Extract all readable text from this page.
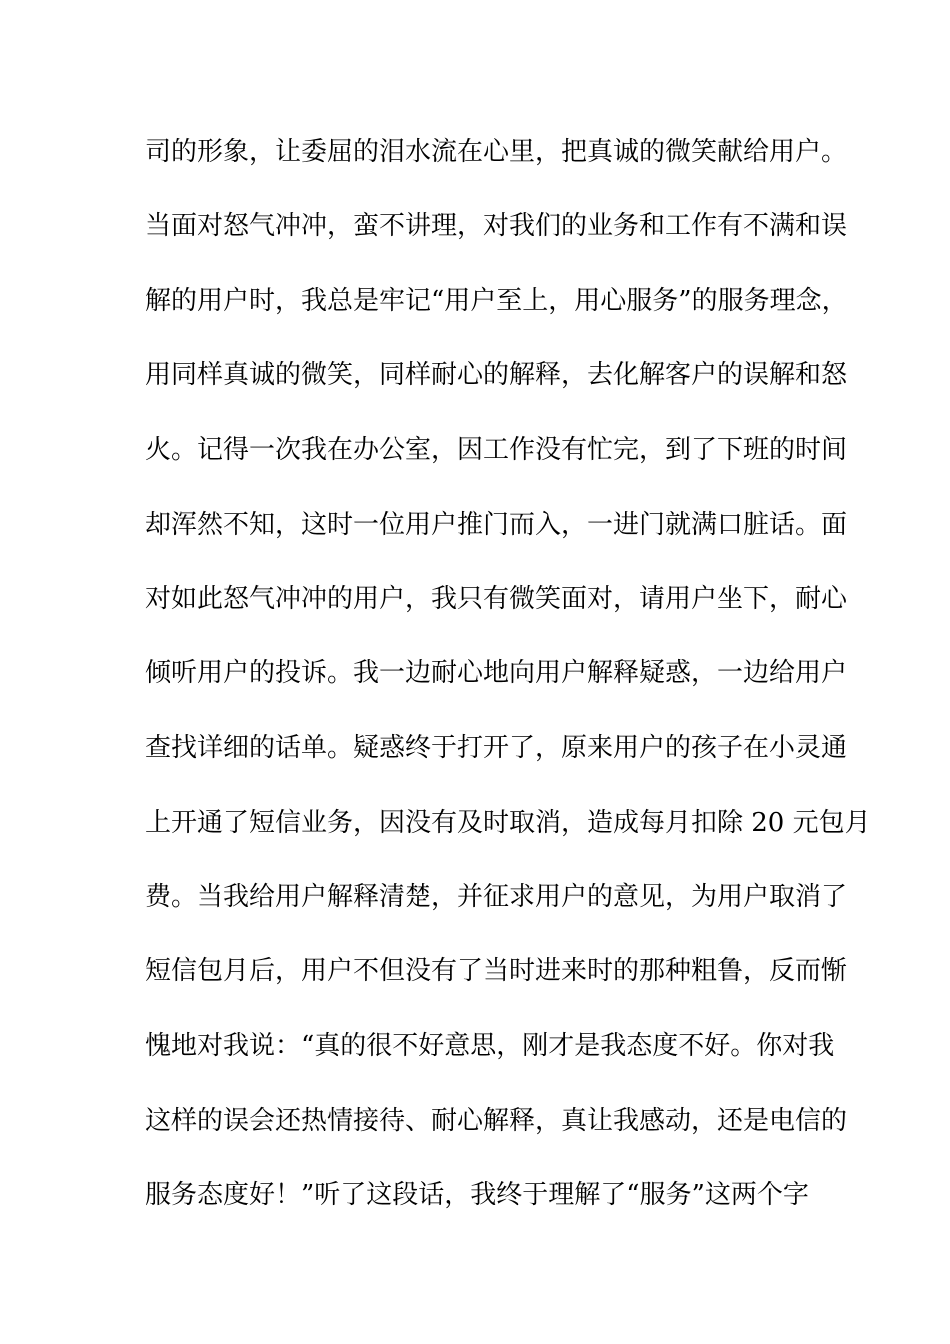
司的形象，让委屈的泪水流在心里，把真诚的微笑献给用户。
当面对怒气冲冲，蛮不讲理，对我们的业务和工作有不满和误
解的用户时，我总是牢记“用户至上，用心服务”的服务理念，
用同样真诚的微笑，同样耐心的解释，去化解客户的误解和怒
火。记得一次我在办公室，因工作没有忙完，到了下班的时间
却浑然不知，这时一位用户推门而入，一进门就满口脏话。面
对如此怒气冲冲的用户，我只有微笑面对，请用户坐下，耐心
倾听用户的投诉。我一边耐心地向用户解释疑惑，一边给用户
查找详细的话单。疑惑终于打开了，原来用户的孩子在小灵通
上开通了短信业务，因没有及时取消，造成每月扣除 20 元包月
费。当我给用户解释清楚，并征求用户的意见，为用户取消了
短信包月后，用户不但没有了当时进来时的那种粗鲁，反而惭
愧地对我说：“真的很不好意思，刚才是我态度不好。你对我
这样的误会还热情接待、耐心解释，真让我感动，还是电信的
服务态度好！”听了这段话，我终于理解了“服务”这两个字
